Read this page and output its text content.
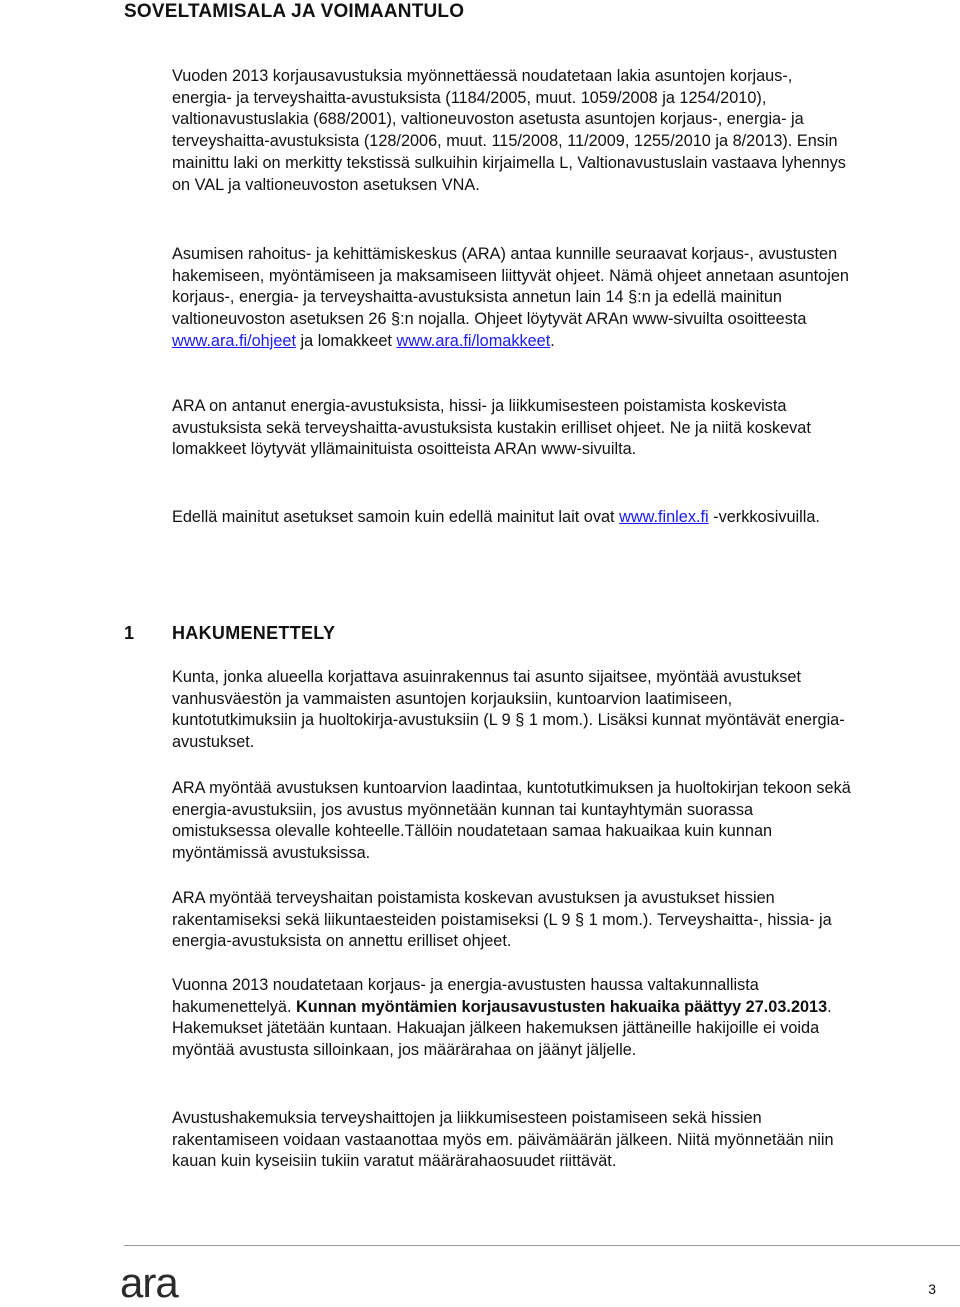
SOVELTAMISALA JA VOIMAANTULO

Vuoden 2013 korjausavustuksia myönnettäessä noudatetaan lakia asuntojen korjaus-, energia- ja terveyshaitta-avustuksista (1184/2005, muut. 1059/2008 ja 1254/2010), valtionavustuslakia (688/2001), valtioneuvoston asetusta asuntojen korjaus-, energia- ja terveyshaitta-avustuksista (128/2006, muut. 115/2008, 11/2009, 1255/2010 ja 8/2013). Ensin mainittu laki on merkitty tekstissä sulkuihin kirjaimella L, Valtionavustuslain vastaava lyhennys on VAL ja valtioneuvoston asetuksen VNA.

Asumisen rahoitus- ja kehittämiskeskus (ARA) antaa kunnille seuraavat korjaus-, avustusten hakemiseen, myöntämiseen ja maksamiseen liittyvät ohjeet. Nämä ohjeet annetaan asuntojen korjaus-, energia- ja terveyshaitta-avustuksista annetun lain 14 §:n ja edellä mainitun valtioneuvoston asetuksen 26 §:n nojalla. Ohjeet löytyvät ARAn www-sivuilta osoitteesta www.ara.fi/ohjeet ja lomakkeet www.ara.fi/lomakkeet.

ARA on antanut energia-avustuksista, hissi- ja liikkumisesteen poistamista koskevista avustuksista sekä terveyshaitta-avustuksista kustakin erilliset ohjeet. Ne ja niitä koskevat lomakkeet löytyvät yllämainituista osoitteista ARAn www-sivuilta.

Edellä mainitut asetukset samoin kuin edellä mainitut lait ovat www.finlex.fi -verkkosivuilla.

1 HAKUMENETTELY

Kunta, jonka alueella korjattava asuinrakennus tai asunto sijaitsee, myöntää avustukset vanhusväestön ja vammaisten asuntojen korjauksiin, kuntoarvion laatimiseen, kuntotutkimuksiin ja huoltokirja-avustuksiin (L 9 § 1 mom.). Lisäksi kunnat myöntävät energia-avustukset.

ARA myöntää avustuksen kuntoarvion laadintaa, kuntotutkimuksen ja huoltokirjan tekoon sekä energia-avustuksiin, jos avustus myönnetään kunnan tai kuntayhtymän suorassa omistuksessa olevalle kohteelle.Tällöin noudatetaan samaa hakuaikaa kuin kunnan myöntämissä avustuksissa.

ARA myöntää terveyshaitan poistamista koskevan avustuksen ja avustukset hissien rakentamiseksi sekä liikuntaesteiden poistamiseksi (L 9 § 1 mom.). Terveyshaitta-, hissia- ja energia-avustuksista on annettu erilliset ohjeet.

Vuonna 2013 noudatetaan korjaus- ja energia-avustusten haussa valtakunnallista hakumenettelyä. Kunnan myöntämien korjausavustusten hakuaika päättyy 27.03.2013. Hakemukset jätetään kuntaan. Hakuajan jälkeen hakemuksen jättäneille hakijoille ei voida myöntää avustusta silloinkaan, jos määrärahaa on jäänyt jäljelle.

Avustushakemuksia terveyshaittojen ja liikkumisesteen poistamiseen sekä hissien rakentamiseen voidaan vastaanottaa myös em. päivämäärän jälkeen. Niitä myönnetään niin kauan kuin kyseisiin tukiin varatut määrärahaosuudet riittävät.

ara	3
